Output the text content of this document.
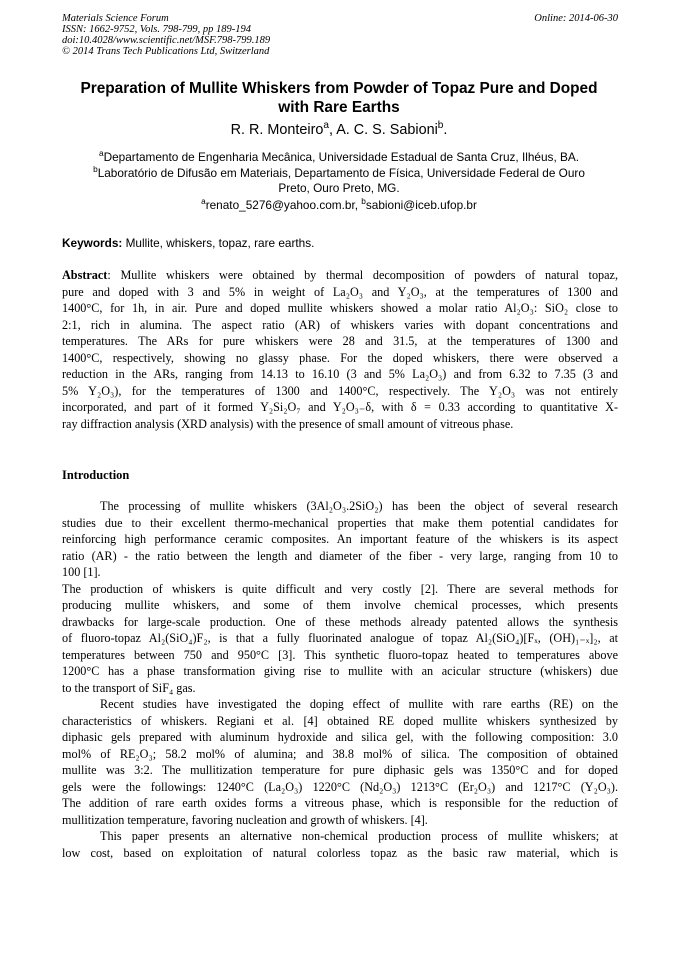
Materials Science Forum
ISSN: 1662-9752, Vols. 798-799, pp 189-194
doi:10.4028/www.scientific.net/MSF.798-799.189
© 2014 Trans Tech Publications Ltd, Switzerland
Online: 2014-06-30
Preparation of Mullite Whiskers from Powder of Topaz Pure and Doped
with Rare Earths
R. R. Monteiro$^a$, A. C. S. Sabioni$^b$.
$^a$Departamento de Engenharia Mecânica, Universidade Estadual de Santa Cruz, Ilhéus, BA.
$^b$Laboratório de Difusão em Materiais, Departamento de Física, Universidade Federal de Ouro
Preto, Ouro Preto, MG.
$^a$renato_5276@yahoo.com.br, $^b$sabioni@iceb.ufop.br
Keywords: Mullite, whiskers, topaz, rare earths.
Abstract: Mullite whiskers were obtained by thermal decomposition of powders of natural topaz,
pure and doped with 3 and 5% in weight of La₂O₃ and Y₂O₃, at the temperatures of 1300 and
1400°C, for 1h, in air. Pure and doped mullite whiskers showed a molar ratio Al₂O₃: SiO₂ close to
2:1, rich in alumina. The aspect ratio (AR) of whiskers varies with dopant concentrations and
temperatures. The ARs for pure whiskers were 28 and 31.5, at the temperatures of 1300 and
1400°C, respectively, showing no glassy phase. For the doped whiskers, there were observed a
reduction in the ARs, ranging from 14.13 to 16.10 (3 and 5% La₂O₃) and from 6.32 to 7.35 (3 and
5% Y₂O₃), for the temperatures of 1300 and 1400°C, respectively. The Y₂O₃ was not entirely
incorporated, and part of it formed Y₂Si₂O₇ and Y₂O₃₋δ, with δ = 0.33 according to quantitative X-
ray diffraction analysis (XRD analysis) with the presence of small amount of vitreous phase.
Introduction
The processing of mullite whiskers (3Al₂O₃.2SiO₂) has been the object of several research
studies due to their excellent thermo-mechanical properties that make them potential candidates for
reinforcing high performance ceramic composites. An important feature of the whiskers is its aspect
ratio (AR) - the ratio between the length and diameter of the fiber - very large, ranging from 10 to
100 [1].
The production of whiskers is quite difficult and very costly [2]. There are several methods for
producing mullite whiskers, and some of them involve chemical processes, which presents
drawbacks for large-scale production. One of these methods already patented allows the synthesis
of fluoro-topaz Al₂(SiO₄)F₂, is that a fully fluorinated analogue of topaz Al₂(SiO₄)[Fₓ, (OH)₁₋ₓ]₂, at
temperatures between 750 and 950°C [3]. This synthetic fluoro-topaz heated to temperatures above
1200°C has a phase transformation giving rise to mullite with an acicular structure (whiskers) due
to the transport of SiF₄ gas.
Recent studies have investigated the doping effect of mullite with rare earths (RE) on the
characteristics of whiskers. Regiani et al. [4] obtained RE doped mullite whiskers synthesized by
diphasic gels prepared with aluminum hydroxide and silica gel, with the following composition: 3.0
mol% of RE₂O₃; 58.2 mol% of alumina; and 38.8 mol% of silica. The composition of obtained
mullite was 3:2. The mullitization temperature for pure diphasic gels was 1350°C and for doped
gels were the followings: 1240°C (La₂O₃) 1220°C (Nd₂O₃) 1213°C (Er₂O₃) and 1217°C (Y₂O₃).
The addition of rare earth oxides forms a vitreous phase, which is responsible for the reduction of
mullitization temperature, favoring nucleation and growth of whiskers. [4].
This paper presents an alternative non-chemical production process of mullite whiskers; at
low cost, based on exploitation of natural colorless topaz as the basic raw material, which is
